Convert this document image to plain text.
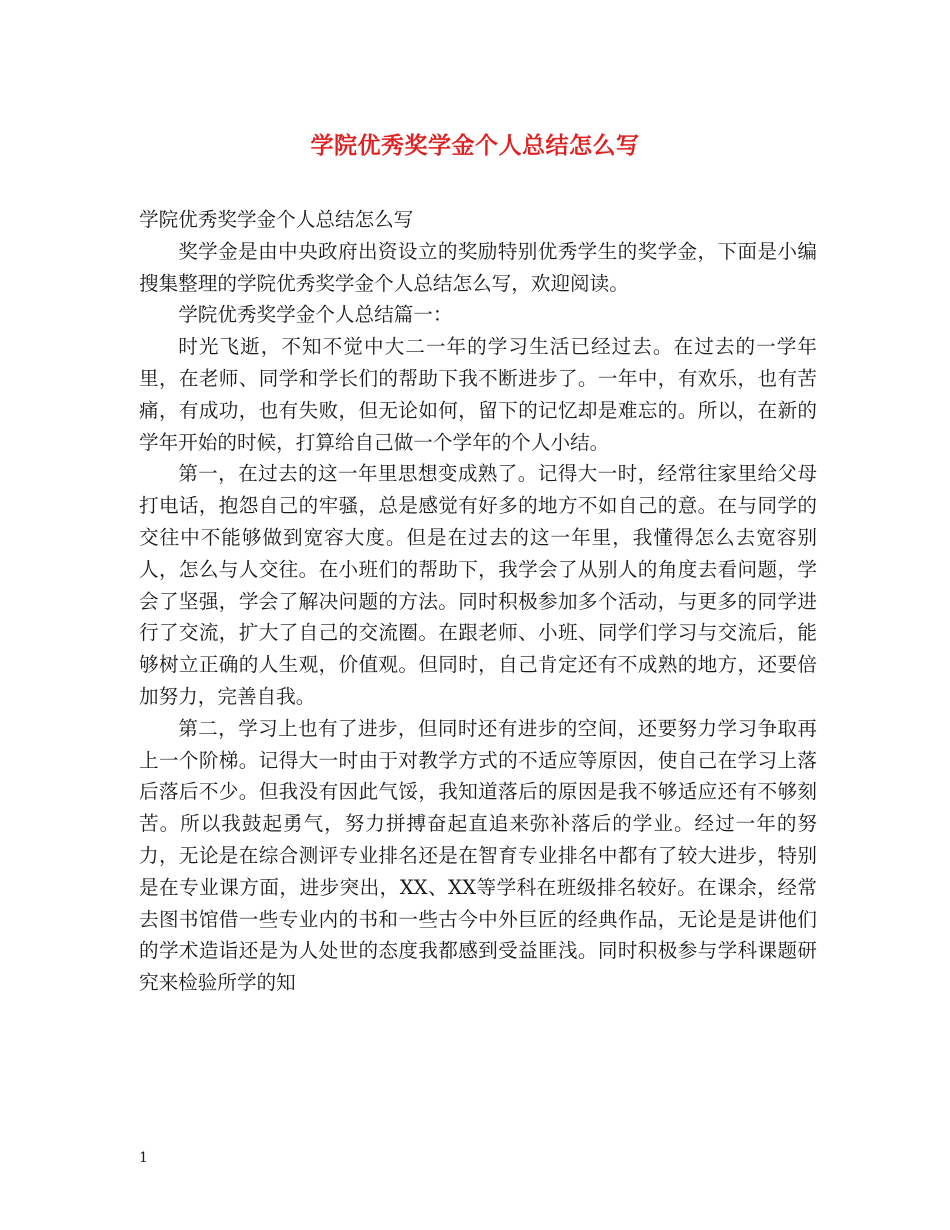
学院优秀奖学金个人总结怎么写

学院优秀奖学金个人总结怎么写

奖学金是由中央政府出资设立的奖励特别优秀学生的奖学金，下面是小编搜集整理的学院优秀奖学金个人总结怎么写，欢迎阅读。

学院优秀奖学金个人总结篇一：

时光飞逝，不知不觉中大二一年的学习生活已经过去。在过去的一学年里，在老师、同学和学长们的帮助下我不断进步了。一年中，有欢乐，也有苦痛，有成功，也有失败，但无论如何，留下的记忆却是难忘的。所以，在新的学年开始的时候，打算给自己做一个学年的个人小结。

第一，在过去的这一年里思想变成熟了。记得大一时，经常往家里给父母打电话，抱怨自己的牢骚，总是感觉有好多的地方不如自己的意。在与同学的交往中不能够做到宽容大度。但是在过去的这一年里，我懂得怎么去宽容别人，怎么与人交往。在小班们的帮助下，我学会了从别人的角度去看问题，学会了坚强，学会了解决问题的方法。同时积极参加多个活动，与更多的同学进行了交流，扩大了自己的交流圈。在跟老师、小班、同学们学习与交流后，能够树立正确的人生观，价值观。但同时，自己肯定还有不成熟的地方，还要倍加努力，完善自我。

第二，学习上也有了进步，但同时还有进步的空间，还要努力学习争取再上一个阶梯。记得大一时由于对教学方式的不适应等原因，使自己在学习上落后落后不少。但我没有因此气馁，我知道落后的原因是我不够适应还有不够刻苦。所以我鼓起勇气，努力拼搏奋起直追来弥补落后的学业。经过一年的努力，无论是在综合测评专业排名还是在智育专业排名中都有了较大进步，特别是在专业课方面，进步突出，XX、XX等学科在班级排名较好。在课余，经常去图书馆借一些专业内的书和一些古今中外巨匠的经典作品，无论是是讲他们的学术造诣还是为人处世的态度我都感到受益匪浅。同时积极参与学科课题研究来检验所学的知

1
